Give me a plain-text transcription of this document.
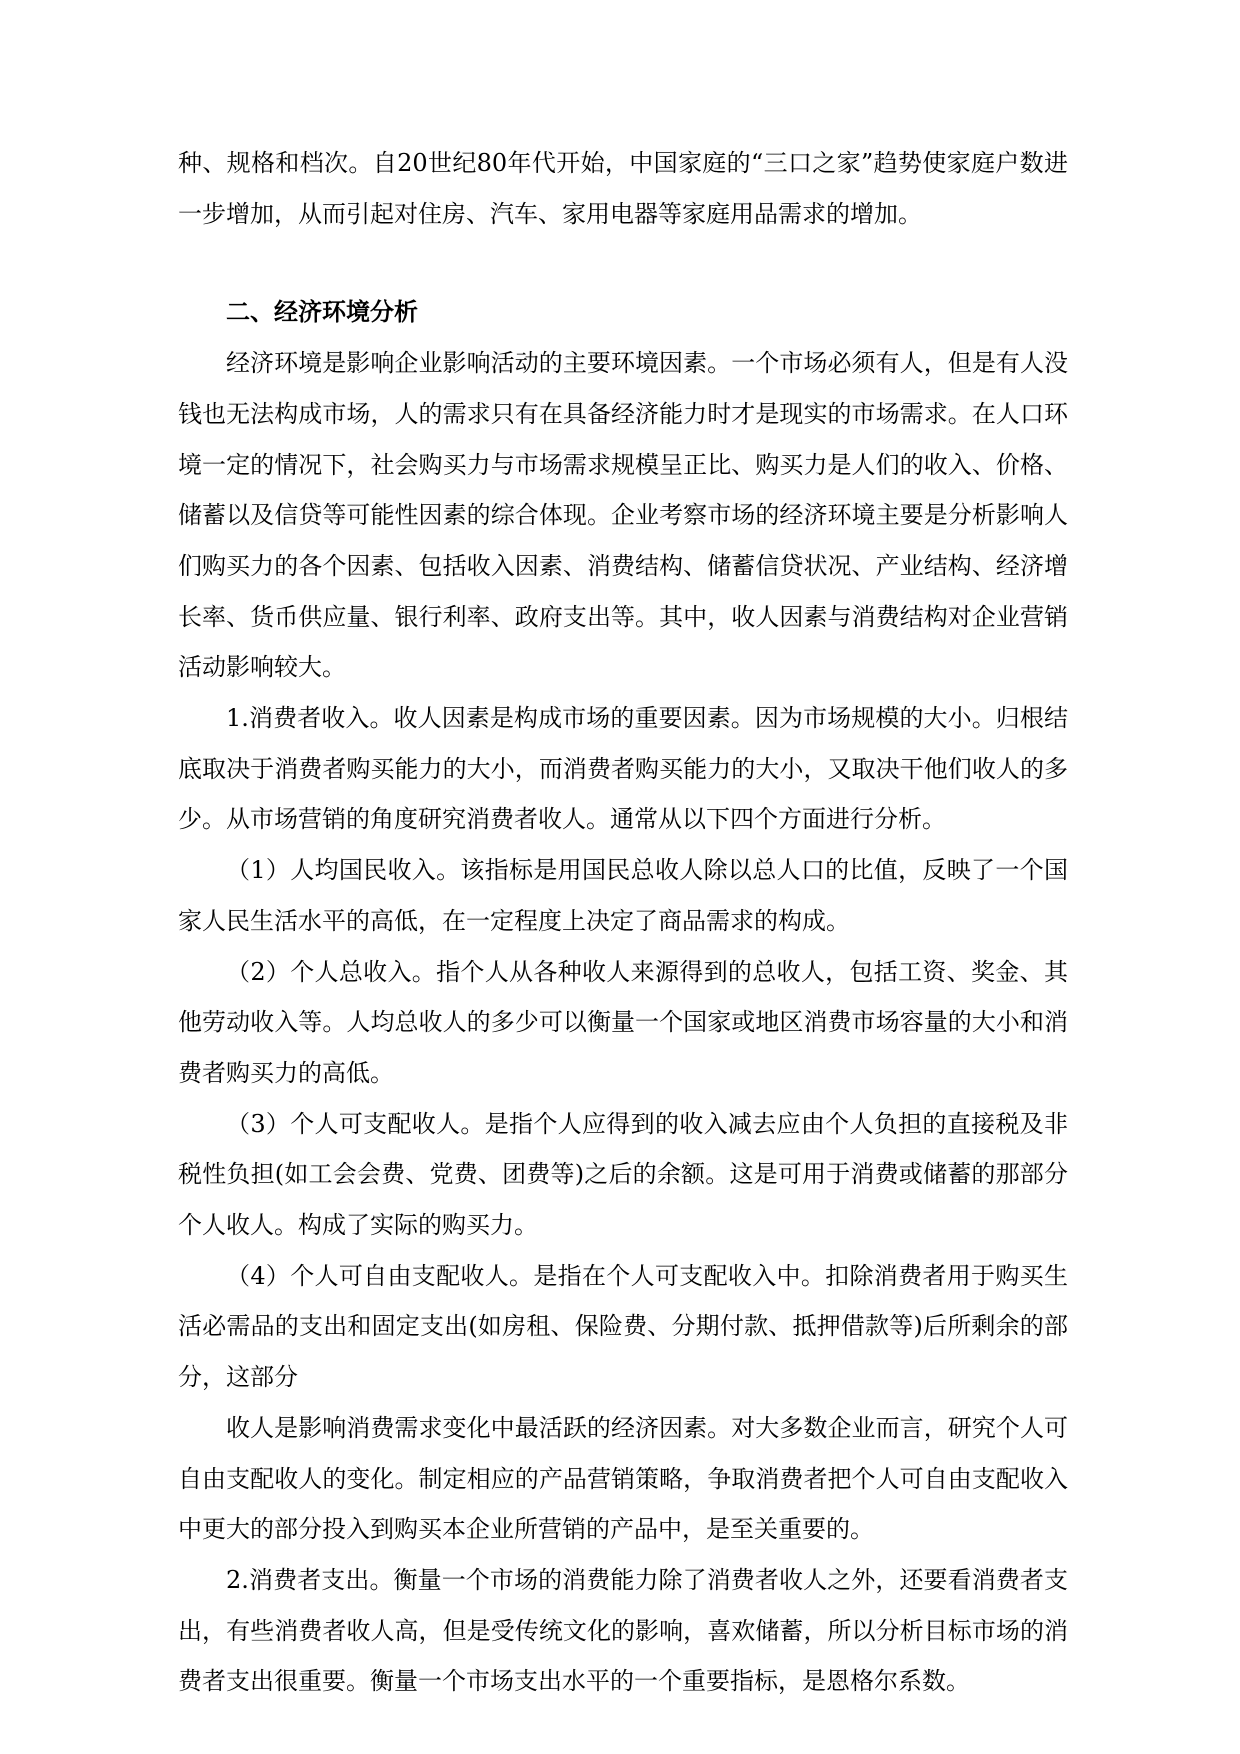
种、规格和档次。自20世纪80年代开始，中国家庭的“三口之家”趋势使家庭户数进一步增加，从而引起对住房、汽车、家用电器等家庭用品需求的增加。

二、经济环境分析

经济环境是影响企业影响活动的主要环境因素。一个市场必须有人，但是有人没钱也无法构成市场，人的需求只有在具备经济能力时才是现实的市场需求。在人口环境一定的情况下，社会购买力与市场需求规模呈正比、购买力是人们的收入、价格、储蓄以及信贷等可能性因素的综合体现。企业考察市场的经济环境主要是分析影响人们购买力的各个因素、包括收入因素、消费结构、储蓄信贷状况、产业结构、经济增长率、货币供应量、银行利率、政府支出等。其中，收人因素与消费结构对企业营销活动影响较大。

1.消费者收入。收人因素是构成市场的重要因素。因为市场规模的大小。归根结底取决于消费者购买能力的大小，而消费者购买能力的大小，又取决干他们收人的多少。从市场营销的角度研究消费者收人。通常从以下四个方面进行分析。

（1）人均国民收入。该指标是用国民总收人除以总人口的比值，反映了一个国家人民生活水平的高低，在一定程度上决定了商品需求的构成。

（2）个人总收入。指个人从各种收人来源得到的总收人，包括工资、奖金、其他劳动收入等。人均总收人的多少可以衡量一个国家或地区消费市场容量的大小和消费者购买力的高低。

（3）个人可支配收人。是指个人应得到的收入减去应由个人负担的直接税及非税性负担(如工会会费、党费、团费等)之后的余额。这是可用于消费或储蓄的那部分个人收人。构成了实际的购买力。

（4）个人可自由支配收人。是指在个人可支配收入中。扣除消费者用于购买生活必需品的支出和固定支出(如房租、保险费、分期付款、抵押借款等)后所剩余的部分，这部分

收人是影响消费需求变化中最活跃的经济因素。对大多数企业而言，研究个人可自由支配收人的变化。制定相应的产品营销策略，争取消费者把个人可自由支配收入中更大的部分投入到购买本企业所营销的产品中，是至关重要的。

2.消费者支出。衡量一个市场的消费能力除了消费者收人之外，还要看消费者支出，有些消费者收人高，但是受传统文化的影响，喜欢储蓄，所以分析目标市场的消费者支出很重要。衡量一个市场支出水平的一个重要指标，是恩格尔系数。
